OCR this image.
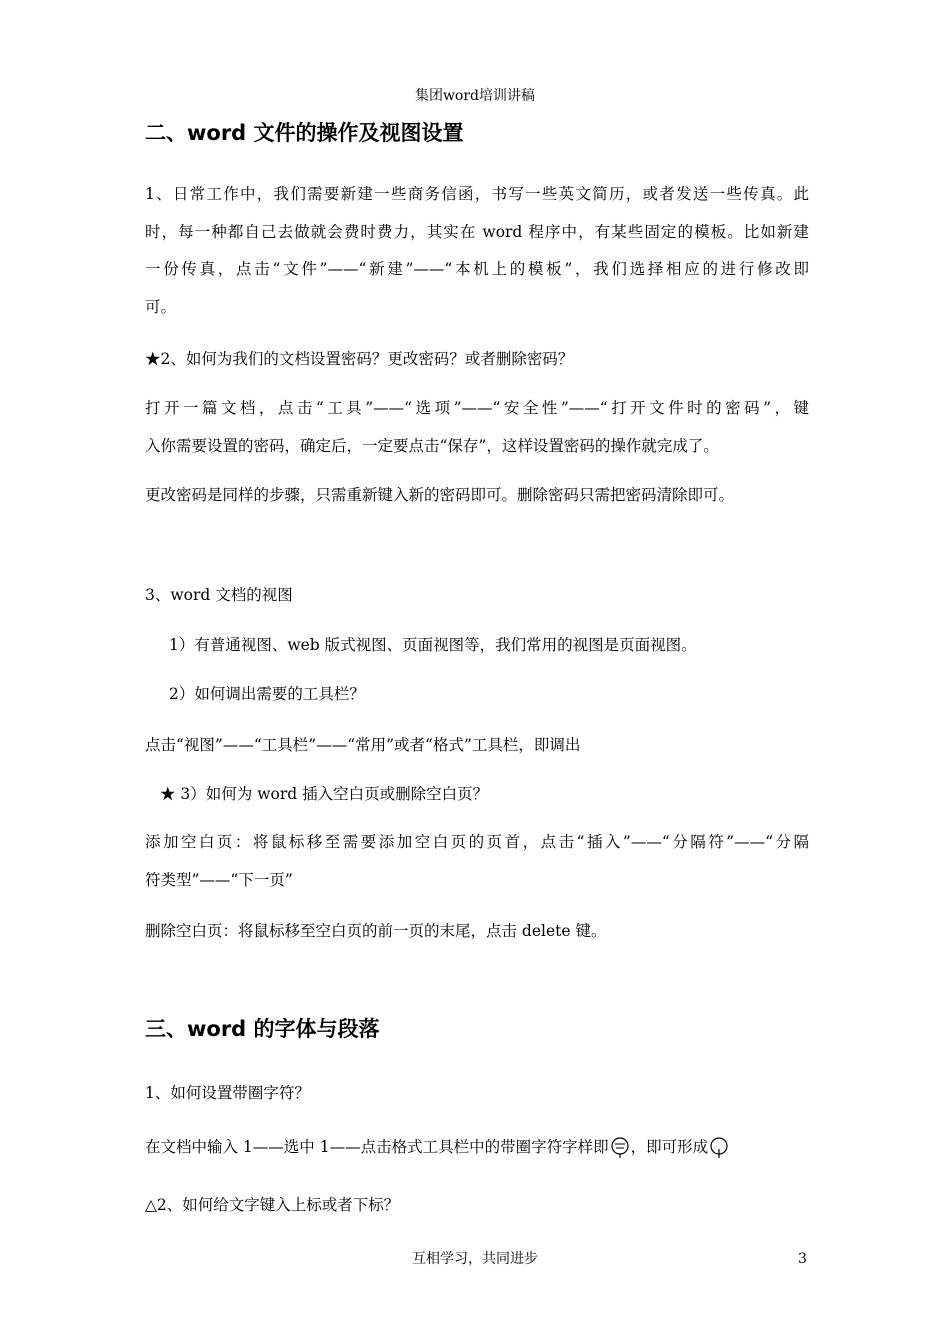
集团word培训讲稿
二、word 文件的操作及视图设置
1、日常工作中，我们需要新建一些商务信函，书写一些英文简历，或者发送一些传真。此
时，每一种都自己去做就会费时费力，其实在 word 程序中，有某些固定的模板。比如新建
一份传真，点击“文件”——“新建”——“本机上的模板”，我们选择相应的进行修改即
可。
★2、如何为我们的文档设置密码？更改密码？或者删除密码？
打开一篇文档，点击“工具”——“选项”——“安全性”——“打开文件时的密码”，键
入你需要设置的密码，确定后，一定要点击“保存”，这样设置密码的操作就完成了。
更改密码是同样的步骤，只需重新键入新的密码即可。删除密码只需把密码清除即可。
3、word 文档的视图
1）有普通视图、web 版式视图、页面视图等，我们常用的视图是页面视图。
2）如何调出需要的工具栏？
点击“视图”——“工具栏”——“常用”或者“格式”工具栏，即调出
★ 3）如何为 word 插入空白页或删除空白页？
添加空白页：将鼠标移至需要添加空白页的页首，点击“插入”——“分隔符”——“分隔
符类型”——“下一页”
删除空白页：将鼠标移至空白页的前一页的末尾，点击 delete 键。
三、word 的字体与段落
1、如何设置带圈字符？
在文档中输入 1——选中 1——点击格式工具栏中的带圈字符字样即 ，即可形成
△2、如何给文字键入上标或者下标？
互相学习，共同进步	3
